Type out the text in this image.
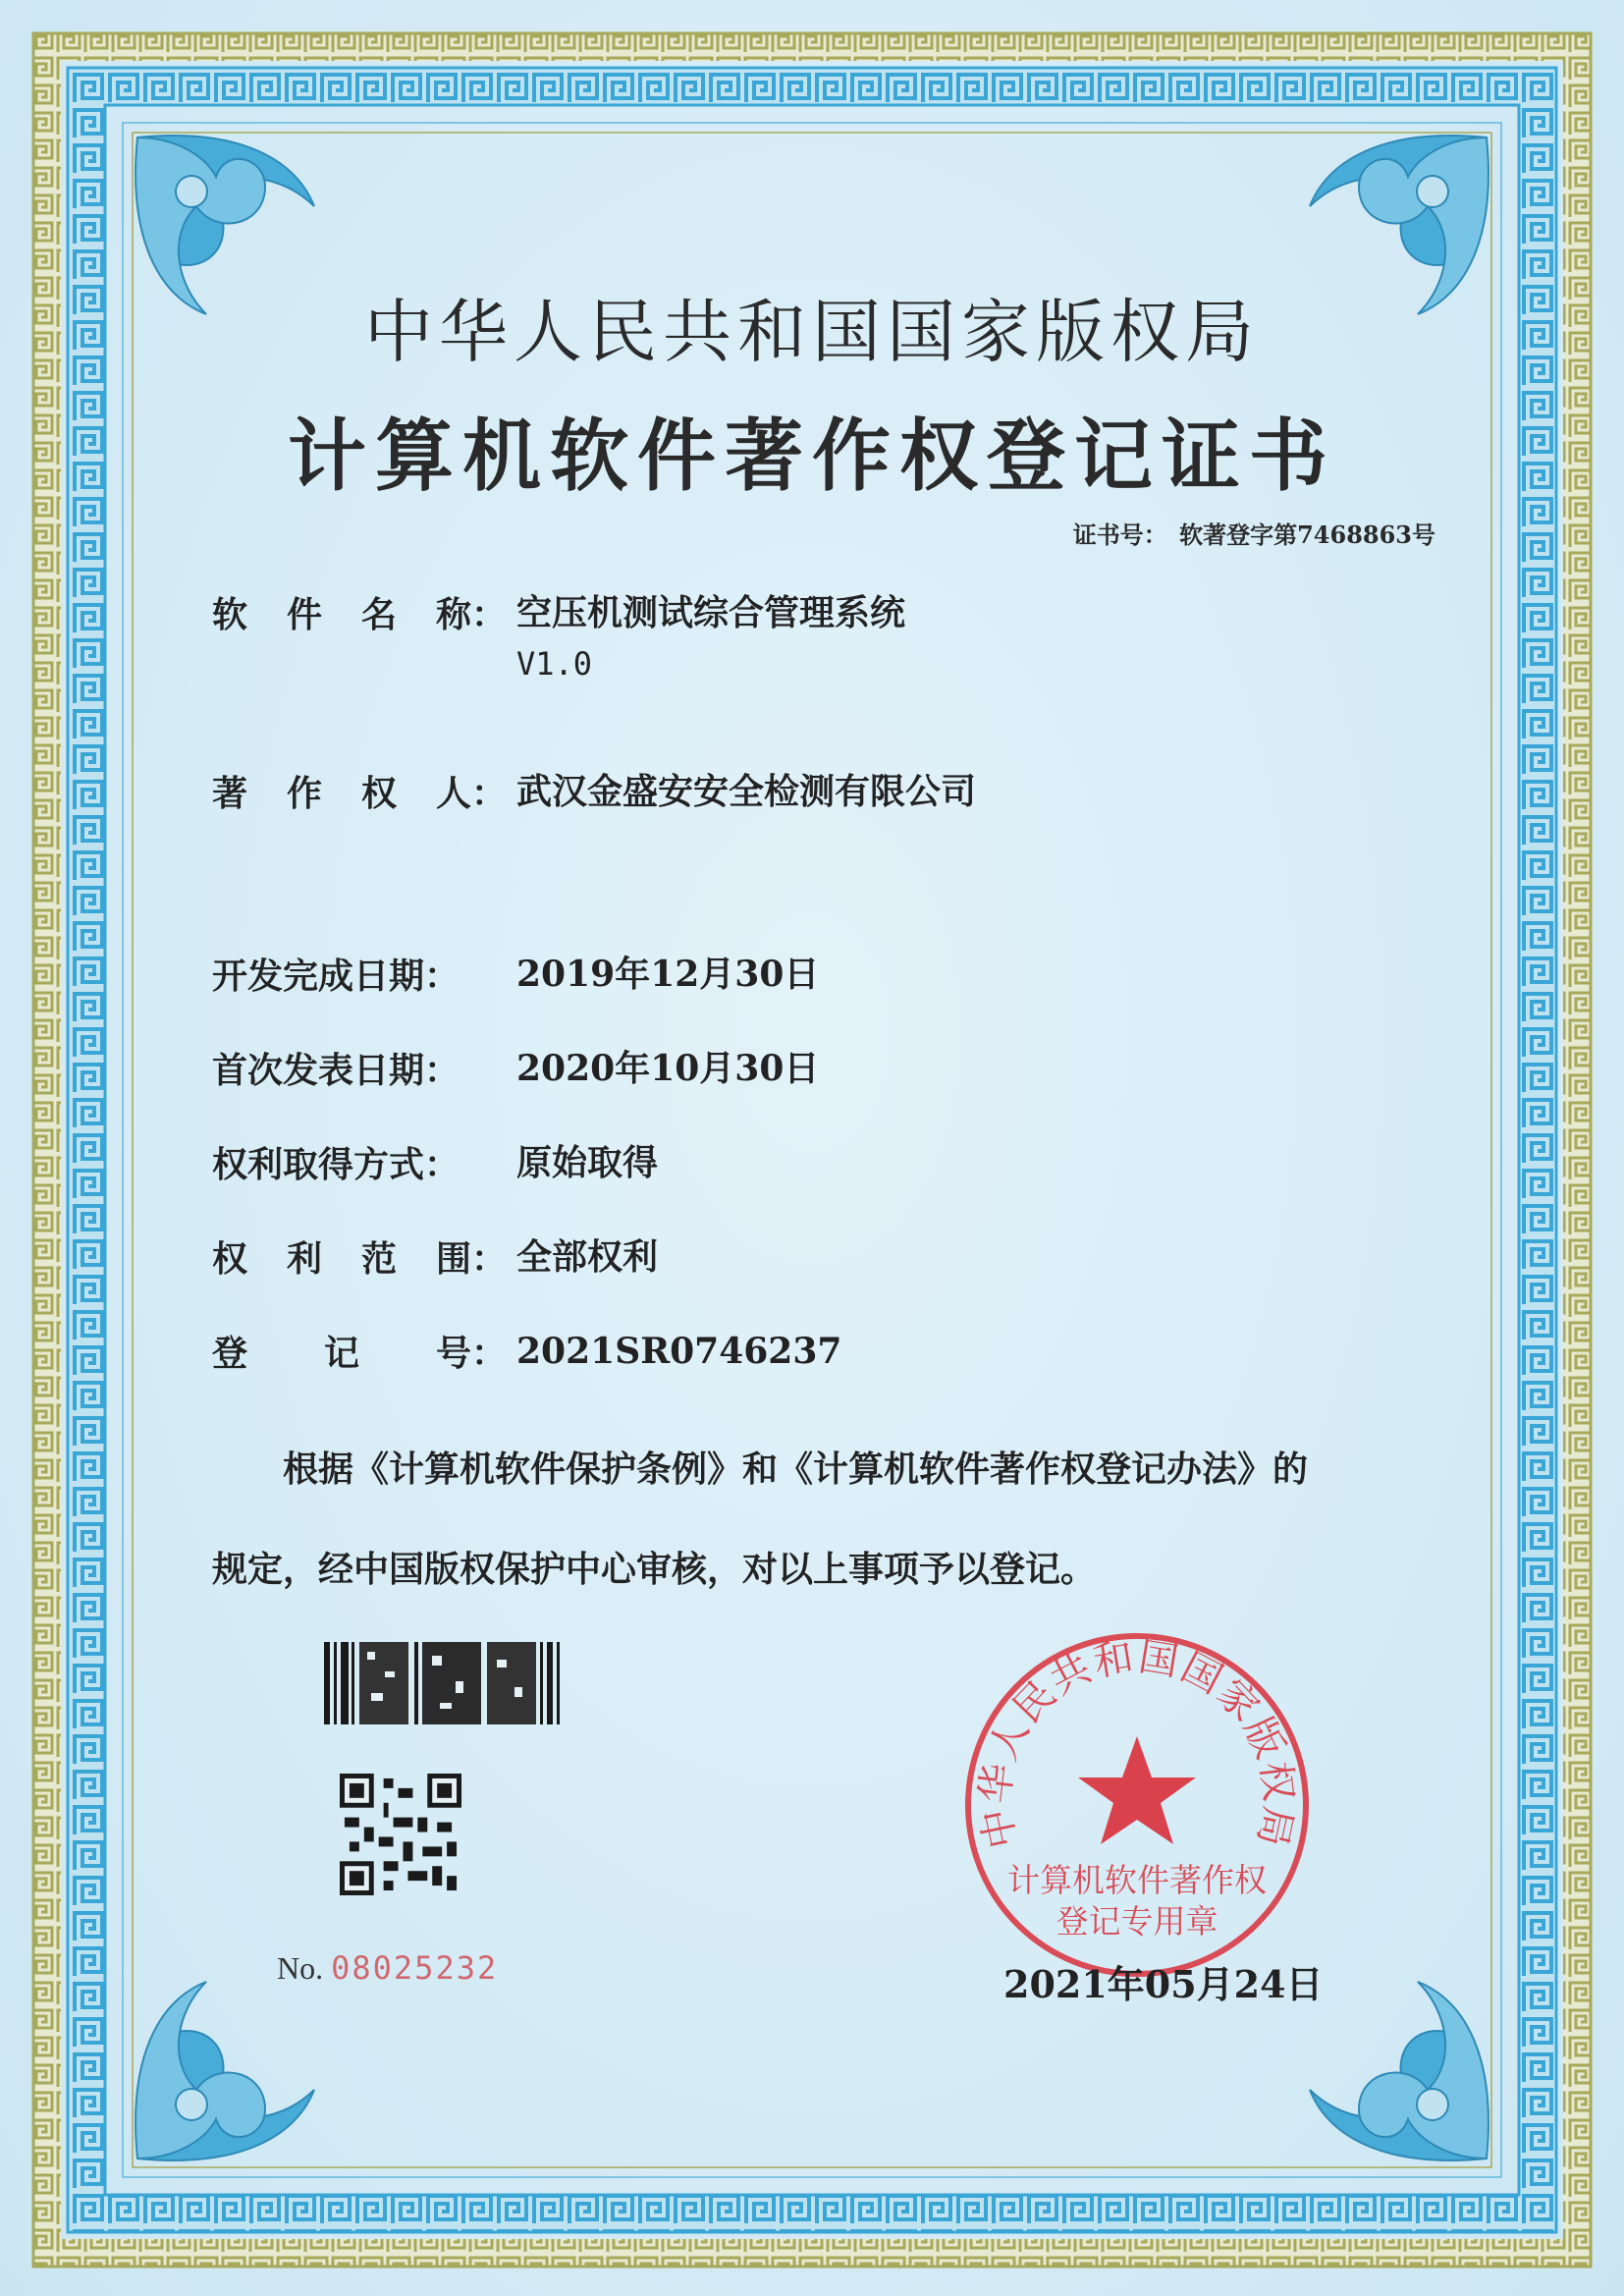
中华人民共和国国家版权局
计算机软件著作权登记证书
证书号： 软著登字第7468863号
软 件 名 称： 空压机测试综合管理系统
V1.0
著 作 权 人： 武汉金盛安安全检测有限公司
开发完成日期： 2019年12月30日
首次发表日期： 2020年10月30日
权利取得方式： 原始取得
权 利 范 围： 全部权利
登 记 号： 2021SR0746237
根据《计算机软件保护条例》和《计算机软件著作权登记办法》的
规定，经中国版权保护中心审核，对以上事项予以登记。
No. 08025232
中华人民共和国国家版权局
计算机软件著作权
登记专用章
2021年05月24日
